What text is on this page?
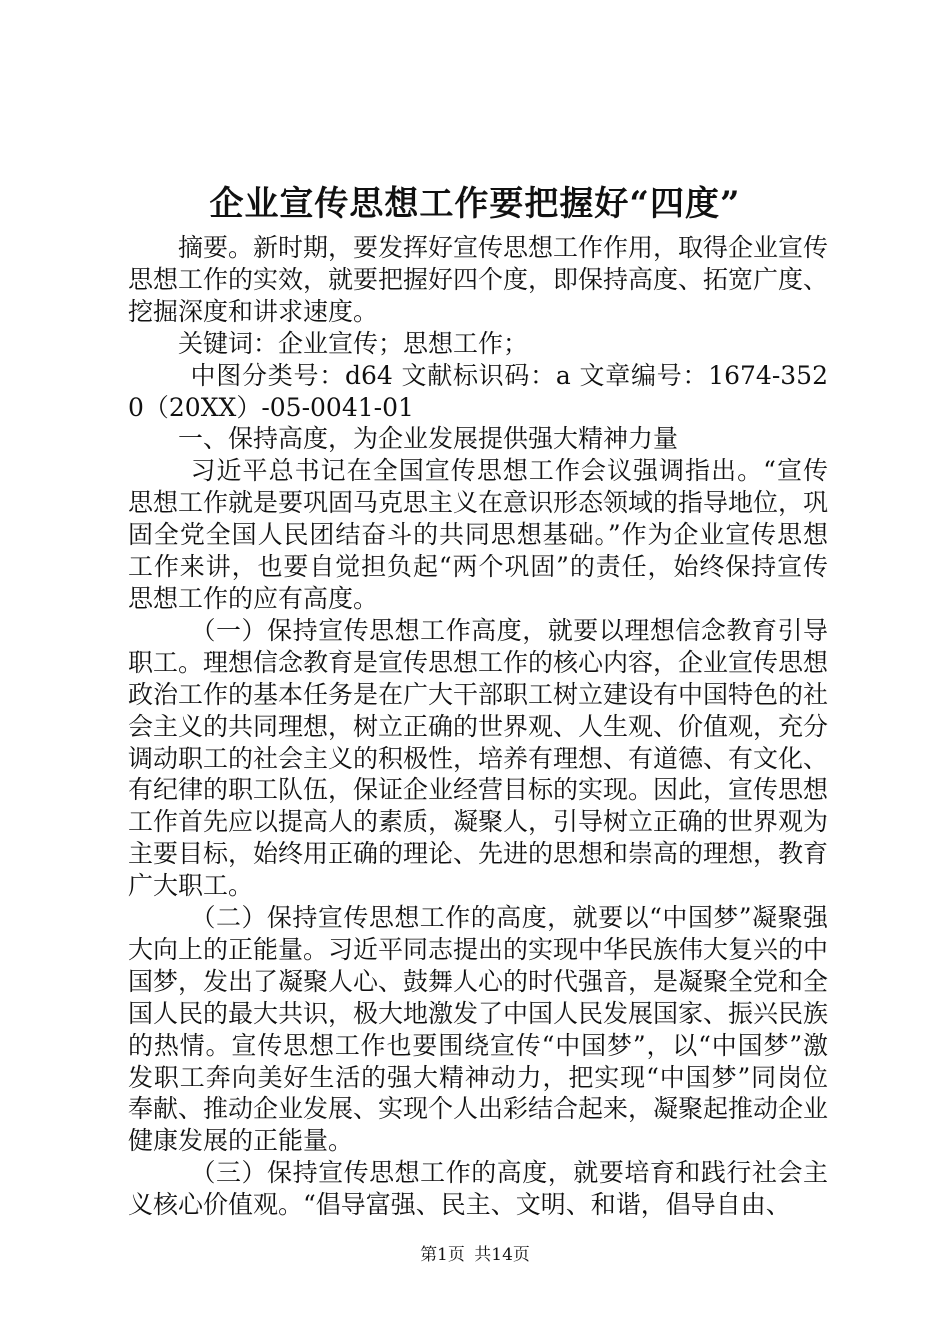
企业宣传思想工作要把握好“四度”

摘要。新时期，要发挥好宣传思想工作作用，取得企业宣传思想工作的实效，就要把握好四个度，即保持高度、拓宽广度、挖掘深度和讲求速度。

关键词：企业宣传；思想工作；

中图分类号：d64 文献标识码：a 文章编号：1674-3520（20XX）-05-0041-01

一、保持高度，为企业发展提供强大精神力量

习近平总书记在全国宣传思想工作会议强调指出。“宣传思想工作就是要巩固马克思主义在意识形态领域的指导地位，巩固全党全国人民团结奋斗的共同思想基础。”作为企业宣传思想工作来讲，也要自觉担负起“两个巩固”的责任，始终保持宣传思想工作的应有高度。

（一）保持宣传思想工作高度，就要以理想信念教育引导职工。理想信念教育是宣传思想工作的核心内容，企业宣传思想政治工作的基本任务是在广大干部职工树立建设有中国特色的社会主义的共同理想，树立正确的世界观、人生观、价值观，充分调动职工的社会主义的积极性，培养有理想、有道德、有文化、有纪律的职工队伍，保证企业经营目标的实现。因此，宣传思想工作首先应以提高人的素质，凝聚人，引导树立正确的世界观为主要目标，始终用正确的理论、先进的思想和崇高的理想，教育广大职工。

（二）保持宣传思想工作的高度，就要以“中国梦”凝聚强大向上的正能量。习近平同志提出的实现中华民族伟大复兴的中国梦，发出了凝聚人心、鼓舞人心的时代强音，是凝聚全党和全国人民的最大共识，极大地激发了中国人民发展国家、振兴民族的热情。宣传思想工作也要围绕宣传“中国梦”，以“中国梦”激发职工奔向美好生活的强大精神动力，把实现“中国梦”同岗位奉献、推动企业发展、实现个人出彩结合起来，凝聚起推动企业健康发展的正能量。

（三）保持宣传思想工作的高度，就要培育和践行社会主义核心价值观。“倡导富强、民主、文明、和谐，倡导自由、

第1页 共14页
